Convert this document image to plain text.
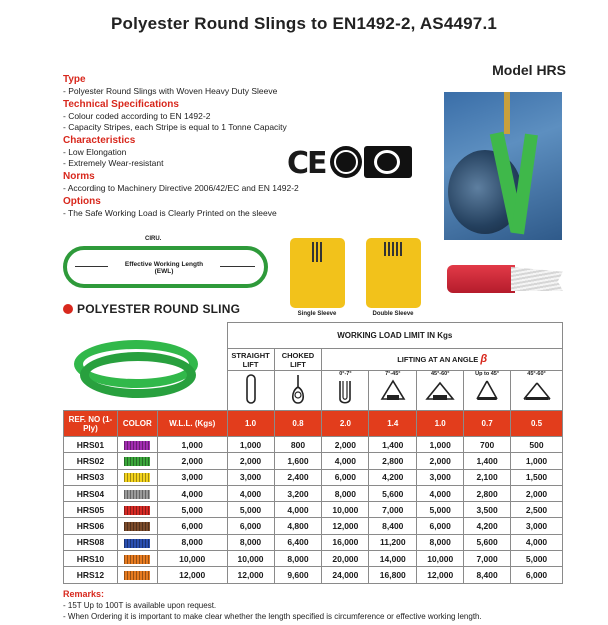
Polyester Round Slings to EN1492-2, AS4497.1
Model HRS
Type
- Polyester Round Slings with Woven Heavy Duty Sleeve
Technical Specifications
- Colour coded according to EN 1492-2
- Capacity Stripes, each Stripe is equal to 1 Tonne Capacity
Characteristics
- Low Elongation
- Extremely Wear-resistant
Norms
- According to Machinery Directive 2006/42/EC and EN 1492-2
Options
- The Safe Working Load is Clearly Printed on the sleeve
CE
CIRU.
Effective Working Length
(EWL)
Single Sleeve	Double Sleeve
POLYESTER ROUND SLING
			WORKING LOAD LIMIT IN Kgs						
			STRAIGHT LIFT	CHOKED LIFT	LIFTING AT AN ANGLE β				

0°-7°	7°-45°	45°-60°	Up to 45°	45°-60°

REF. NO (1-Ply)	COLOR	W.L.L. (Kgs)	1.0	0.8	2.0	1.4	1.0	0.7	0.5
HRS01		1,000	1,000	800	2,000	1,400	1,000	700	500
HRS02		2,000	2,000	1,600	4,000	2,800	2,000	1,400	1,000
HRS03		3,000	3,000	2,400	6,000	4,200	3,000	2,100	1,500
HRS04		4,000	4,000	3,200	8,000	5,600	4,000	2,800	2,000
HRS05		5,000	5,000	4,000	10,000	7,000	5,000	3,500	2,500
HRS06		6,000	6,000	4,800	12,000	8,400	6,000	4,200	3,000
HRS08		8,000	8,000	6,400	16,000	11,200	8,000	5,600	4,000
HRS10		10,000	10,000	8,000	20,000	14,000	10,000	7,000	5,000
HRS12		12,000	12,000	9,600	24,000	16,800	12,000	8,400	6,000
Remarks:
- 15T Up to 100T is available upon request.
- When Ordering it is important to make clear whether the length specified is circumference or effective working length.
